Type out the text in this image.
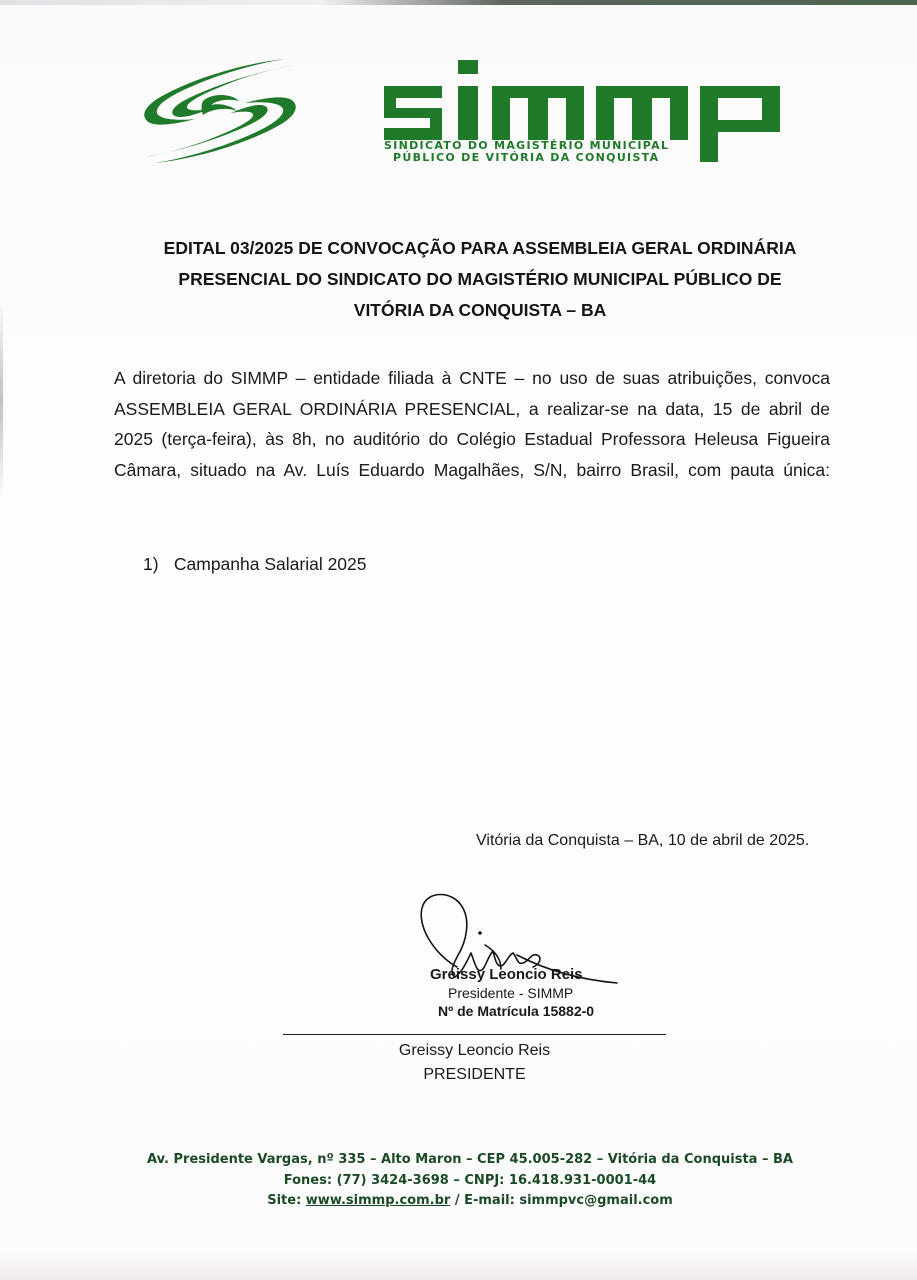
SINDICATO DO MAGISTÉRIO MUNICIPAL
PÚBLICO DE VITÓRIA DA CONQUISTA
EDITAL 03/2025 DE CONVOCAÇÃO PARA ASSEMBLEIA GERAL ORDINÁRIA
PRESENCIAL DO SINDICATO DO MAGISTÉRIO MUNICIPAL PÚBLICO DE
VITÓRIA DA CONQUISTA – BA
A diretoria do SIMMP – entidade filiada à CNTE – no uso de suas atribuições, convoca
ASSEMBLEIA GERAL ORDINÁRIA PRESENCIAL, a realizar-se na data, 15 de abril de
2025 (terça-feira), às 8h, no auditório do Colégio Estadual Professora Heleusa Figueira
Câmara, situado na Av. Luís Eduardo Magalhães, S/N, bairro Brasil, com pauta única:
1) Campanha Salarial 2025
Vitória da Conquista – BA, 10 de abril de 2025.
Greissy Leoncio Reis
Presidente - SIMMP
Nº de Matrícula 15882-0
Greissy Leoncio Reis
PRESIDENTE
Av. Presidente Vargas, nº 335 – Alto Maron – CEP 45.005-282 – Vitória da Conquista – BA
Fones: (77) 3424-3698 – CNPJ: 16.418.931-0001-44
Site: www.simmp.com.br / E-mail: simmpvc@gmail.com
